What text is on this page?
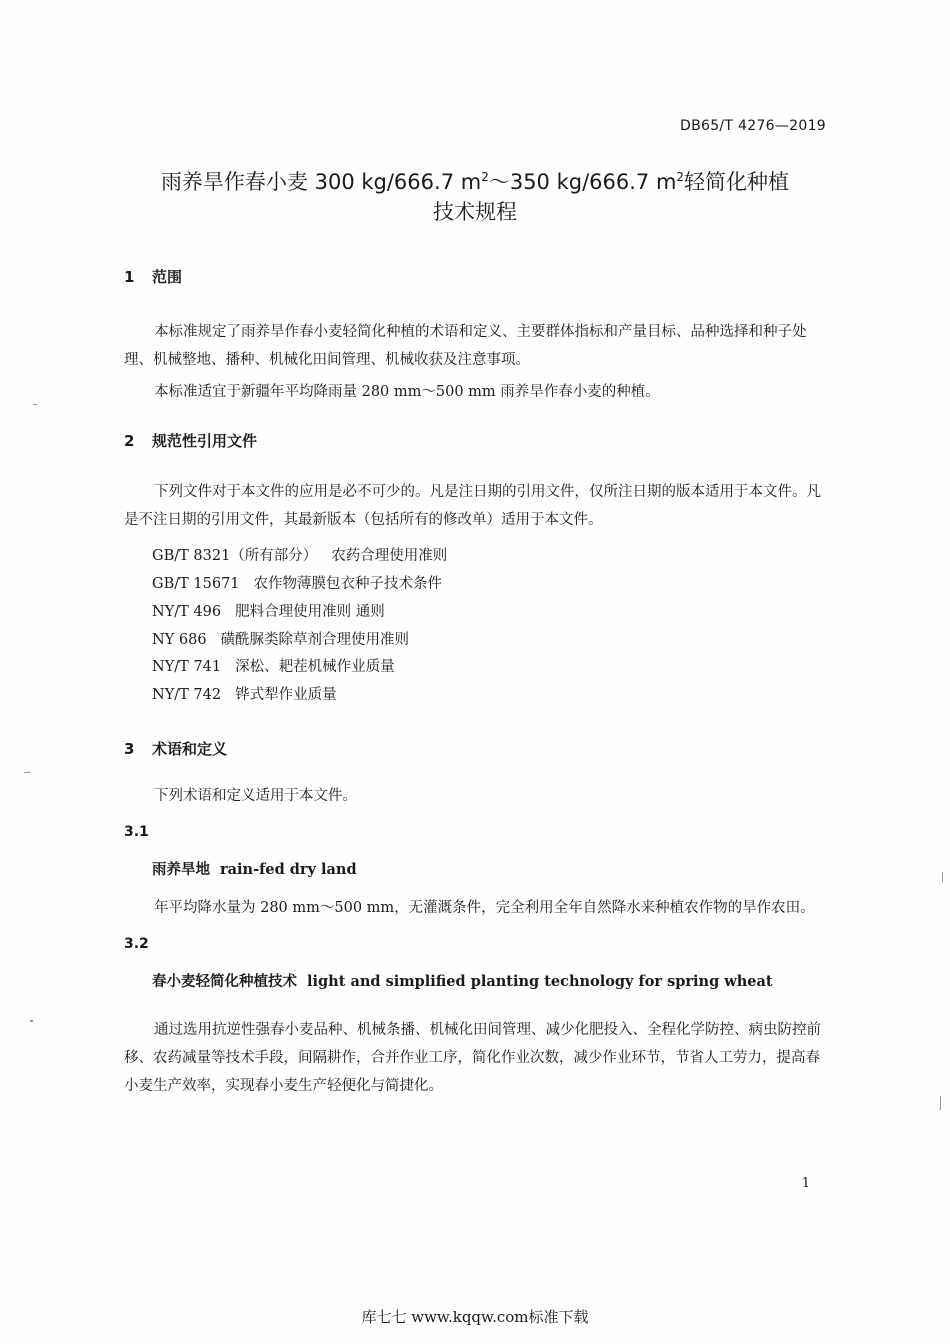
DB65/T 4276—2019
雨养旱作春小麦 300 kg/666.7 $m^2\sim 350$ kg/666.7 $m^2$轻简化种植
技术规程
1 范围
本标准规定了雨养旱作春小麦轻简化种植的术语和定义、主要群体指标和产量目标、品种选择和种子处理、机械整地、播种、机械化田间管理、机械收获及注意事项。
本标准适宜于新疆年平均降雨量 280 mm～500 mm 雨养旱作春小麦的种植。
2 规范性引用文件
下列文件对于本文件的应用是必不可少的。凡是注日期的引用文件，仅所注日期的版本适用于本文件。凡是不注日期的引用文件，其最新版本（包括所有的修改单）适用于本文件。
GB/T 8321（所有部分） 农药合理使用准则
GB/T 15671 农作物薄膜包衣种子技术条件
NY/T 496 肥料合理使用准则 通则
NY 686 磺酰脲类除草剂合理使用准则
NY/T 741 深松、耙茬机械作业质量
NY/T 742 铧式犁作业质量
3 术语和定义
下列术语和定义适用于本文件。
3.1
雨养旱地 rain-fed dry land
年平均降水量为 280 mm～500 mm，无灌溉条件，完全利用全年自然降水来种植农作物的旱作农田。
3.2
春小麦轻简化种植技术 light and simplified planting technology for spring wheat
通过选用抗逆性强春小麦品种、机械条播、机械化田间管理、减少化肥投入、全程化学防控、病虫防控前移、农药减量等技术手段，间隔耕作，合并作业工序，简化作业次数，减少作业环节，节省人工劳力，提高春小麦生产效率，实现春小麦生产轻便化与简捷化。
1
库七七 www.kqqw.com标准下载
